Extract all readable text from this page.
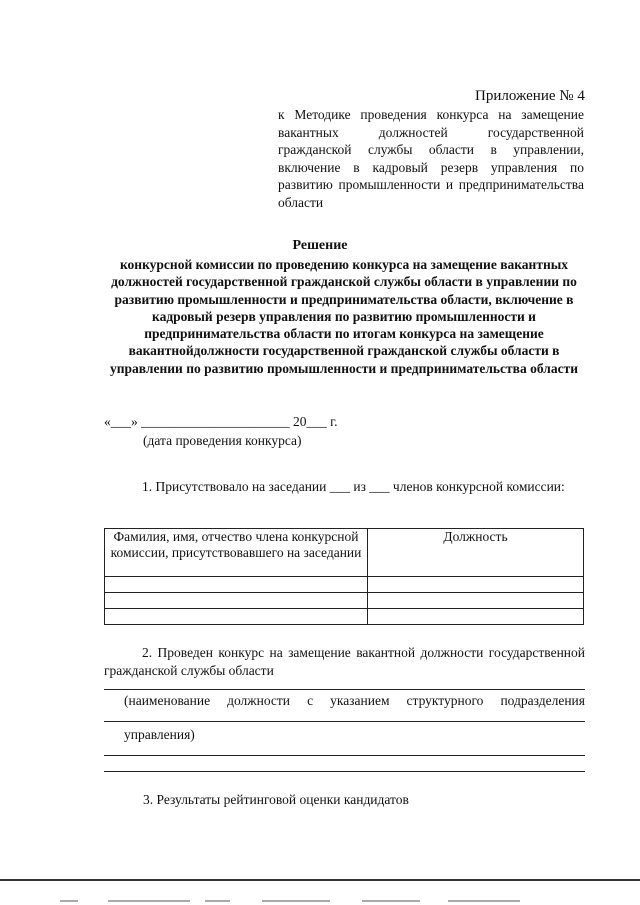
Приложение № 4
к Методике проведения конкурса на замещение вакантных должностей государственной гражданской службы области в управлении, включение в кадровый резерв управления по развитию промышленности и предпринимательства области
Решение
конкурсной комиссии по проведению конкурса на замещение вакантных должностей государственной гражданской службы области в управлении по развитию промышленности и предпринимательства области, включение в кадровый резерв управления по развитию промышленности и предпринимательства области по итогам конкурса на замещение вакантнойдолжности государственной гражданской службы области в управлении по развитию промышленности и предпринимательства области
«___» ______________________ 20___ г.
(дата проведения конкурса)
1. Присутствовало на заседании ___ из ___ членов конкурсной комиссии:
Фамилия, имя, отчество члена конкурсной комиссии, присутствовавшего на заседании	Должность

2. Проведен конкурс на замещение вакантной должности государственной гражданской службы области
(наименование должности с указанием структурного подразделения
управления)
3. Результаты рейтинговой оценки кандидатов
